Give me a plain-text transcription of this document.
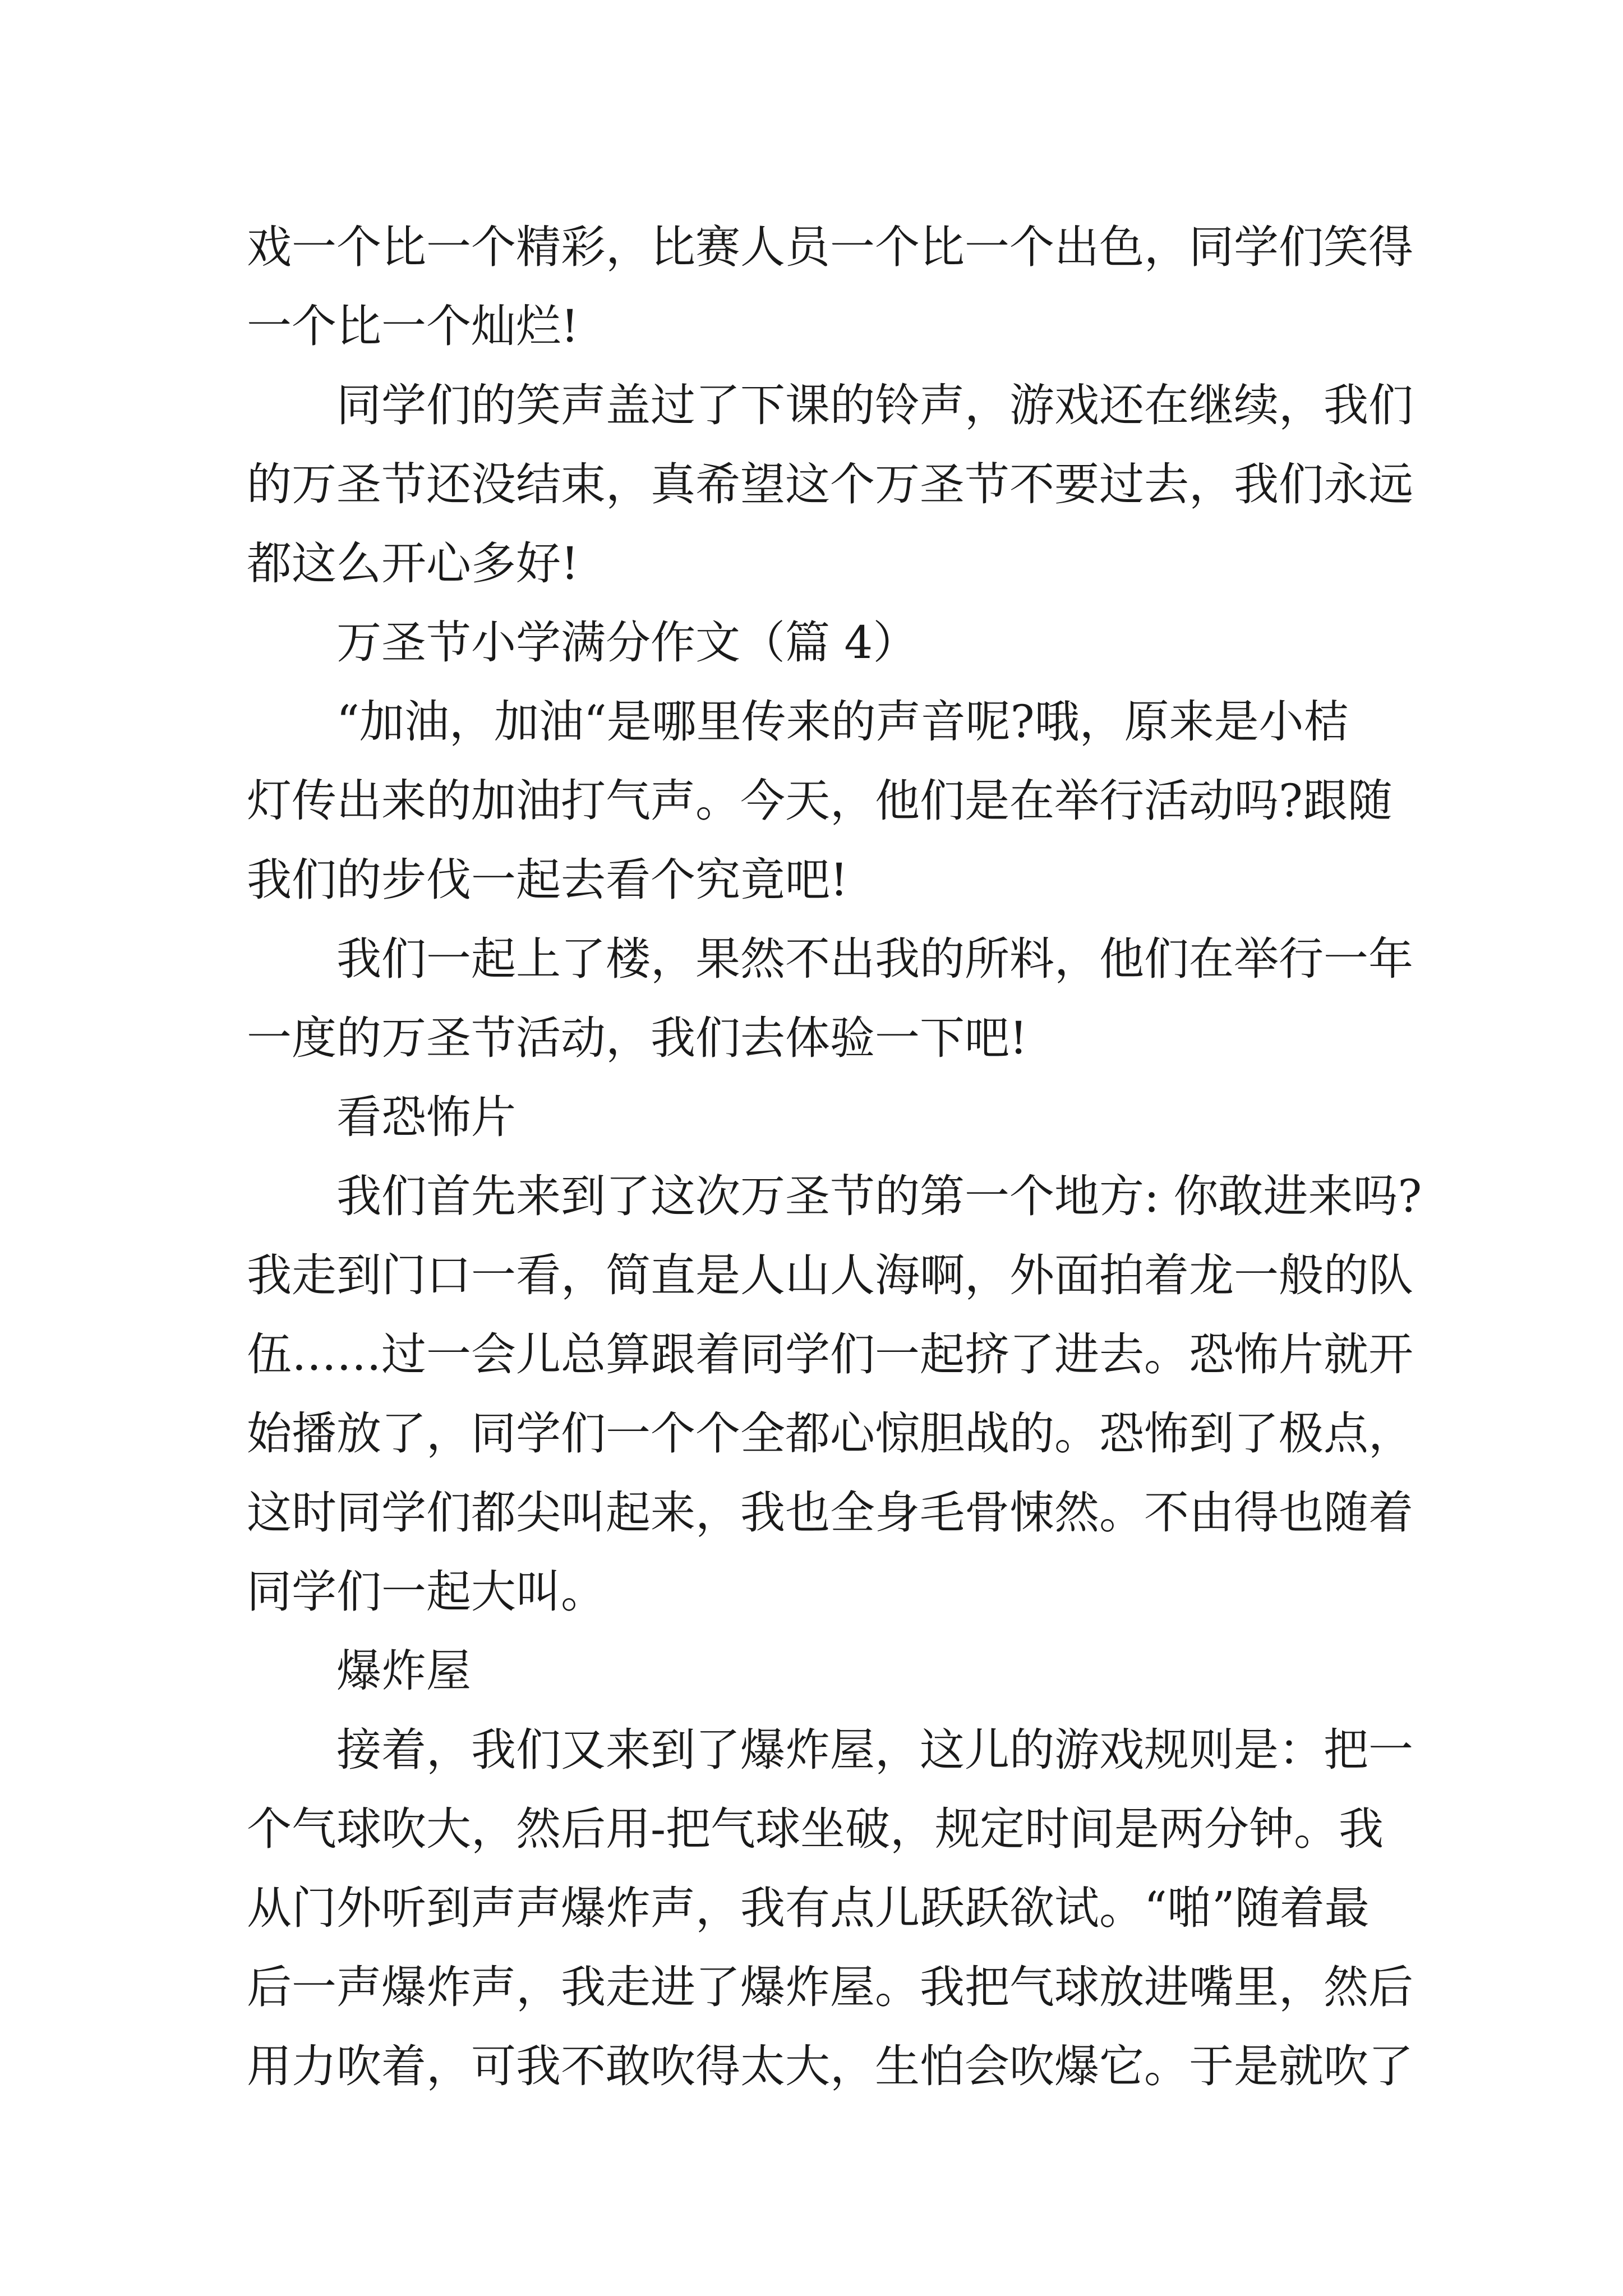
戏一个比一个精彩，比赛人员一个比一个出色，同学们笑得
一个比一个灿烂!
同学们的笑声盖过了下课的铃声，游戏还在继续，我们
的万圣节还没结束，真希望这个万圣节不要过去，我们永远
都这么开心多好!
万圣节小学满分作文（篇 4）
“加油，加油“是哪里传来的声音呢?哦，原来是小桔
灯传出来的加油打气声。今天，他们是在举行活动吗?跟随
我们的步伐一起去看个究竟吧!
我们一起上了楼，果然不出我的所料，他们在举行一年
一度的万圣节活动，我们去体验一下吧!
看恐怖片
我们首先来到了这次万圣节的第一个地方: 你敢进来吗?
我走到门口一看，简直是人山人海啊，外面拍着龙一般的队
伍……过一会儿总算跟着同学们一起挤了进去。恐怖片就开
始播放了，同学们一个个全都心惊胆战的。恐怖到了极点，
这时同学们都尖叫起来，我也全身毛骨悚然。不由得也随着
同学们一起大叫。
爆炸屋
接着，我们又来到了爆炸屋，这儿的游戏规则是：把一
个气球吹大，然后用-把气球坐破，规定时间是两分钟。我
从门外听到声声爆炸声，我有点儿跃跃欲试。“啪”随着最
后一声爆炸声，我走进了爆炸屋。我把气球放进嘴里，然后
用力吹着，可我不敢吹得太大，生怕会吹爆它。于是就吹了
